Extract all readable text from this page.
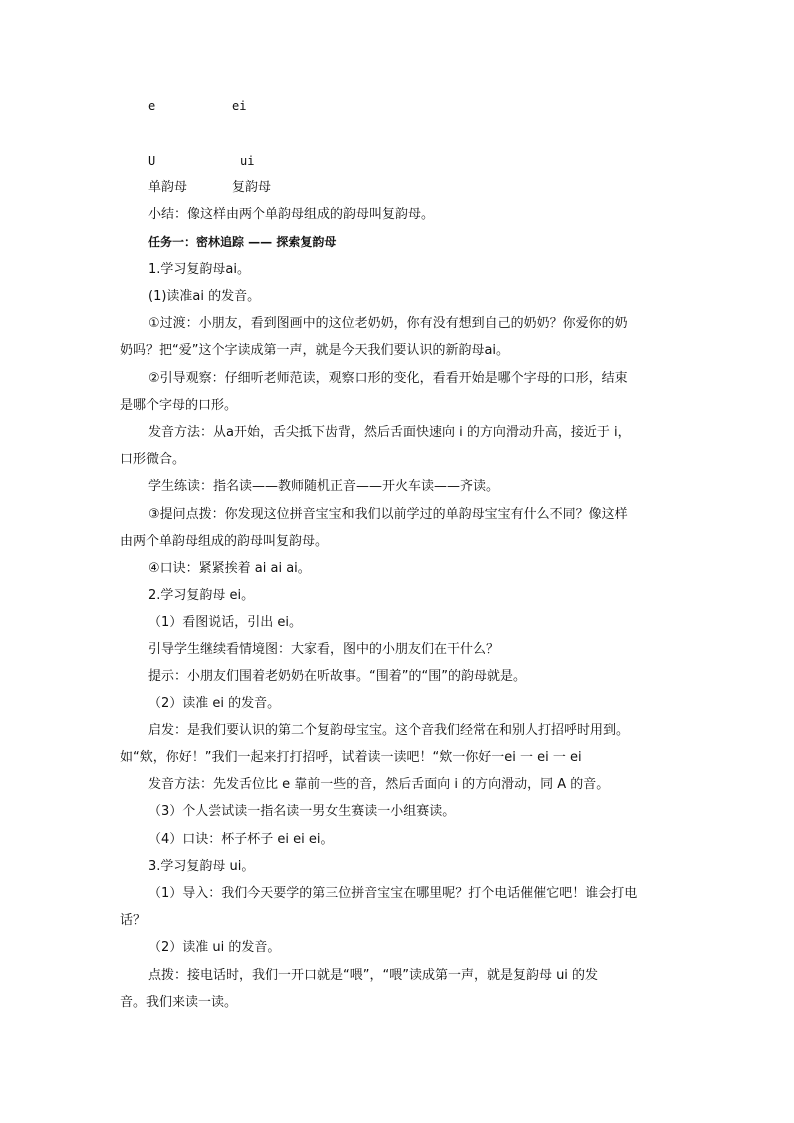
e	ei
U	ui
单韵母	复韵母
小结：像这样由两个单韵母组成的韵母叫复韵母。
任务一：密林追踪 —— 探索复韵母
1.学习复韵母ai。
(1)读准ai 的发音。
①过渡：小朋友，看到图画中的这位老奶奶，你有没有想到自己的奶奶？你爱你的奶
奶吗？把“爱”这个字读成第一声，就是今天我们要认识的新韵母ai。
②引导观察：仔细听老师范读，观察口形的变化，看看开始是哪个字母的口形，结束
是哪个字母的口形。
发音方法：从a开始，舌尖抵下齿背，然后舌面快速向 i 的方向滑动升高，接近于 i，
口形微合。
学生练读：指名读——教师随机正音——开火车读——齐读。
③提问点拨：你发现这位拼音宝宝和我们以前学过的单韵母宝宝有什么不同？像这样
由两个单韵母组成的韵母叫复韵母。
④口诀：紧紧挨着 ai ai ai。
2.学习复韵母 ei。
（1）看图说话，引出 ei。
引导学生继续看情境图：大家看，图中的小朋友们在干什么？
提示：小朋友们围着老奶奶在听故事。“围着”的“围”的韵母就是。
（2）读准 ei 的发音。
启发：是我们要认识的第二个复韵母宝宝。这个音我们经常在和别人打招呼时用到。
如“欸，你好！”我们一起来打打招呼，试着读一读吧！“欸一你好一ei 一 ei 一 ei
发音方法：先发舌位比 e 靠前一些的音，然后舌面向 i 的方向滑动，同 A 的音。
（3）个人尝试读一指名读一男女生赛读一小组赛读。
（4）口诀：杯子杯子 ei ei ei。
3.学习复韵母 ui。
（1）导入：我们今天要学的第三位拼音宝宝在哪里呢？打个电话催催它吧！谁会打电
话？
（2）读准 ui 的发音。
点拨：接电话时，我们一开口就是“喂”，“喂”读成第一声，就是复韵母 ui 的发
音。我们来读一读。
